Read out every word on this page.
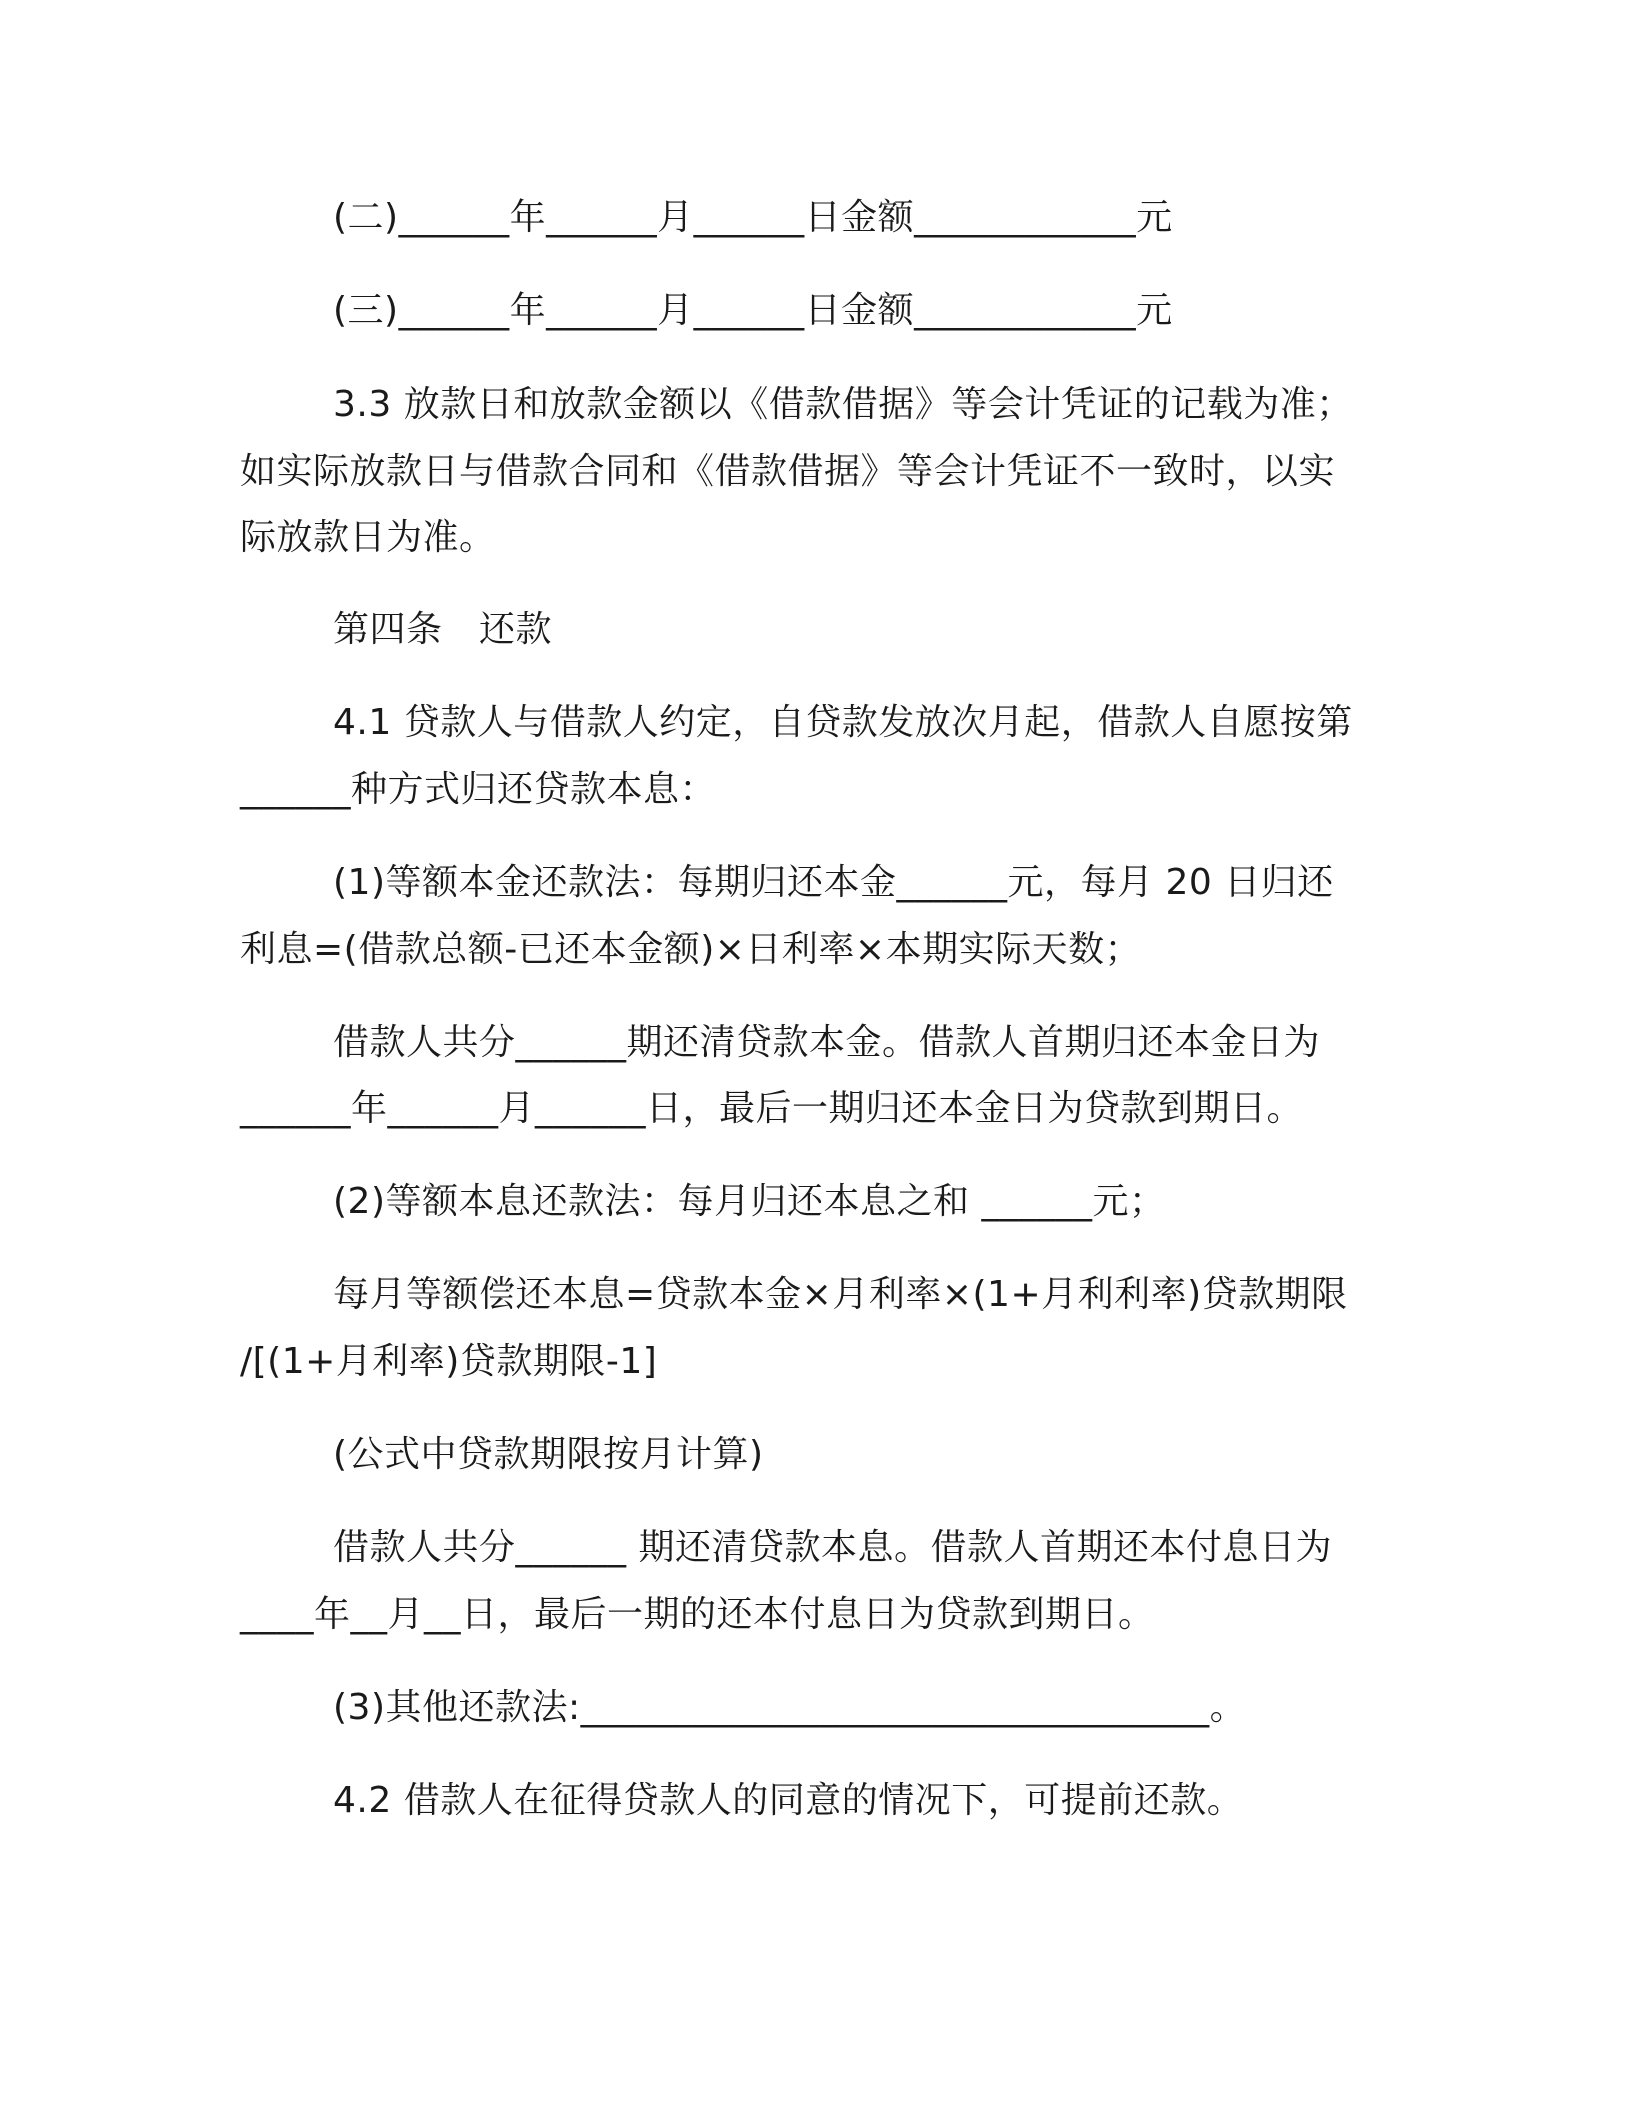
(二)______年______月______日金额____________元
(三)______年______月______日金额____________元
3.3 放款日和放款金额以《借款借据》等会计凭证的记载为准；
如实际放款日与借款合同和《借款借据》等会计凭证不一致时，以实
际放款日为准。
第四条　还款
4.1 贷款人与借款人约定，自贷款发放次月起，借款人自愿按第
______种方式归还贷款本息：
(1)等额本金还款法：每期归还本金______元，每月 20 日归还
利息=(借款总额-已还本金额)×日利率×本期实际天数；
借款人共分______期还清贷款本金。借款人首期归还本金日为
______年______月______日，最后一期归还本金日为贷款到期日。
(2)等额本息还款法：每月归还本息之和 ______元；
每月等额偿还本息=贷款本金×月利率×(1+月利利率)贷款期限
/[(1+月利率)贷款期限-1]
(公式中贷款期限按月计算)
借款人共分______ 期还清贷款本息。借款人首期还本付息日为
____年__月__日，最后一期的还本付息日为贷款到期日。
(3)其他还款法:__________________________________。
4.2 借款人在征得贷款人的同意的情况下，可提前还款。
